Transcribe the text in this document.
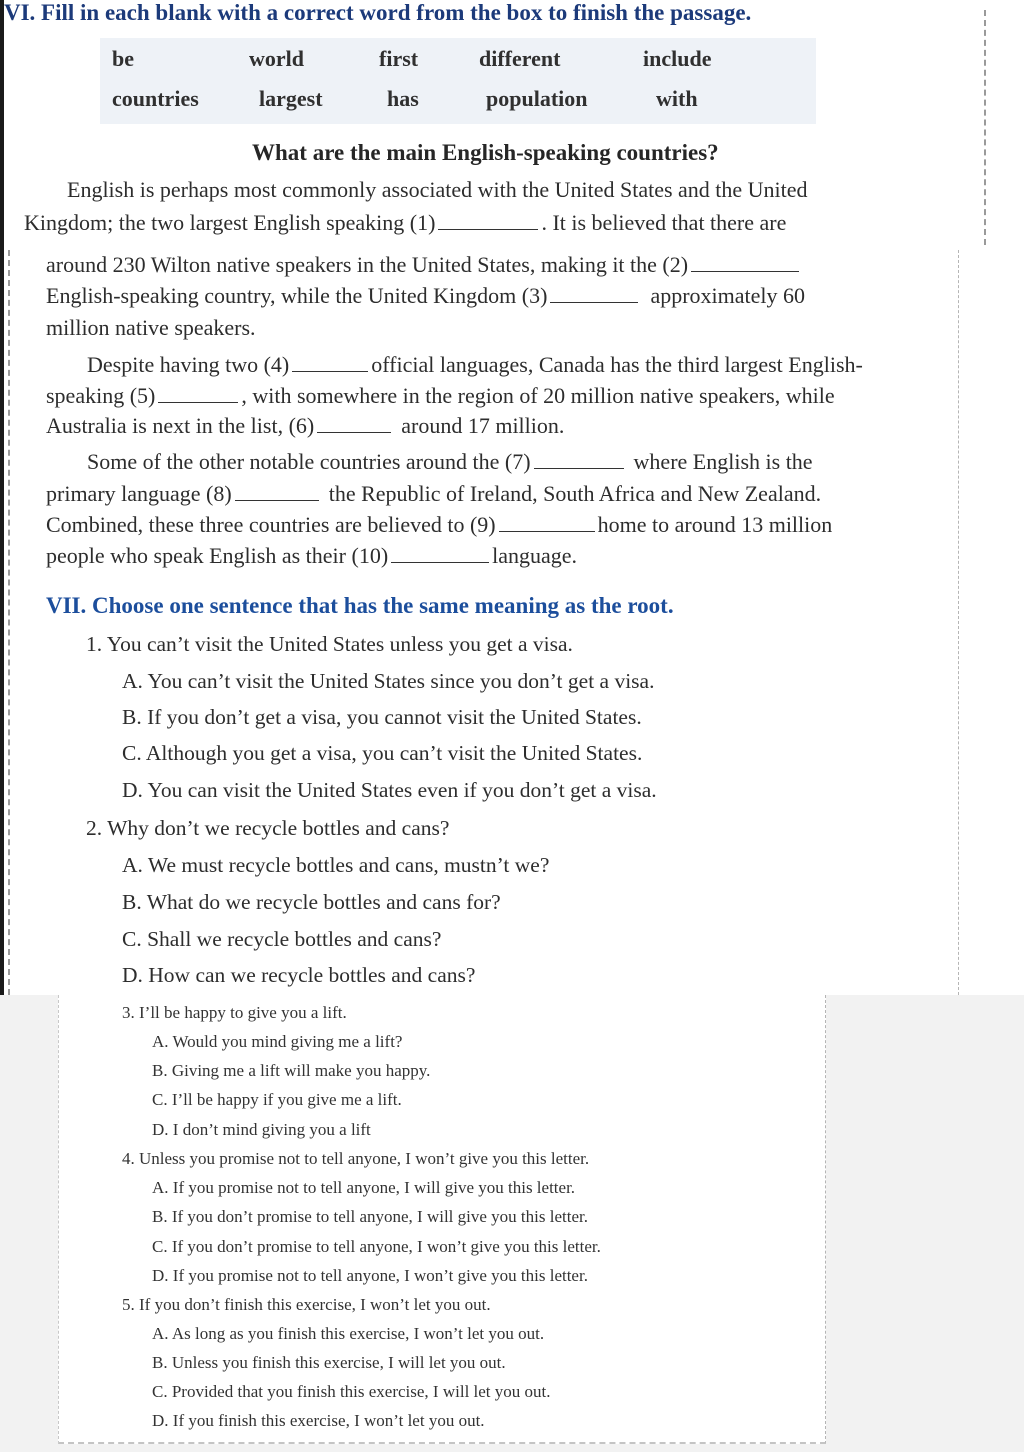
VI. Fill in each blank with a correct word from the box to finish the passage.
be	world	first	different	include
countries	largest	has	population	with
What are the main English-speaking countries?
English is perhaps most commonly associated with the United States and the United
Kingdom; the two largest English speaking (1)	. It is believed that there are
around 230 Wilton native speakers in the United States, making it the (2)
English-speaking country, while the United Kingdom (3)	approximately 60
million native speakers.
Despite having two (4)	official languages, Canada has the third largest English-
speaking (5)	, with somewhere in the region of 20 million native speakers, while
Australia is next in the list, (6)	around 17 million.
Some of the other notable countries around the (7)	where English is the
primary language (8)	the Republic of Ireland, South Africa and New Zealand.
Combined, these three countries are believed to (9)	home to around 13 million
people who speak English as their (10)	language.
VII. Choose one sentence that has the same meaning as the root.
1. You can’t visit the United States unless you get a visa.
A. You can’t visit the United States since you don’t get a visa.
B. If you don’t get a visa, you cannot visit the United States.
C. Although you get a visa, you can’t visit the United States.
D. You can visit the United States even if you don’t get a visa.
2. Why don’t we recycle bottles and cans?
A. We must recycle bottles and cans, mustn’t we?
B. What do we recycle bottles and cans for?
C. Shall we recycle bottles and cans?
D. How can we recycle bottles and cans?
3. I’ll be happy to give you a lift.
A. Would you mind giving me a lift?
B. Giving me a lift will make you happy.
C. I’ll be happy if you give me a lift.
D. I don’t mind giving you a lift
4. Unless you promise not to tell anyone, I won’t give you this letter.
A. If you promise not to tell anyone, I will give you this letter.
B. If you don’t promise to tell anyone, I will give you this letter.
C. If you don’t promise to tell anyone, I won’t give you this letter.
D. If you promise not to tell anyone, I won’t give you this letter.
5. If you don’t finish this exercise, I won’t let you out.
A. As long as you finish this exercise, I won’t let you out.
B. Unless you finish this exercise, I will let you out.
C. Provided that you finish this exercise, I will let you out.
D. If you finish this exercise, I won’t let you out.
